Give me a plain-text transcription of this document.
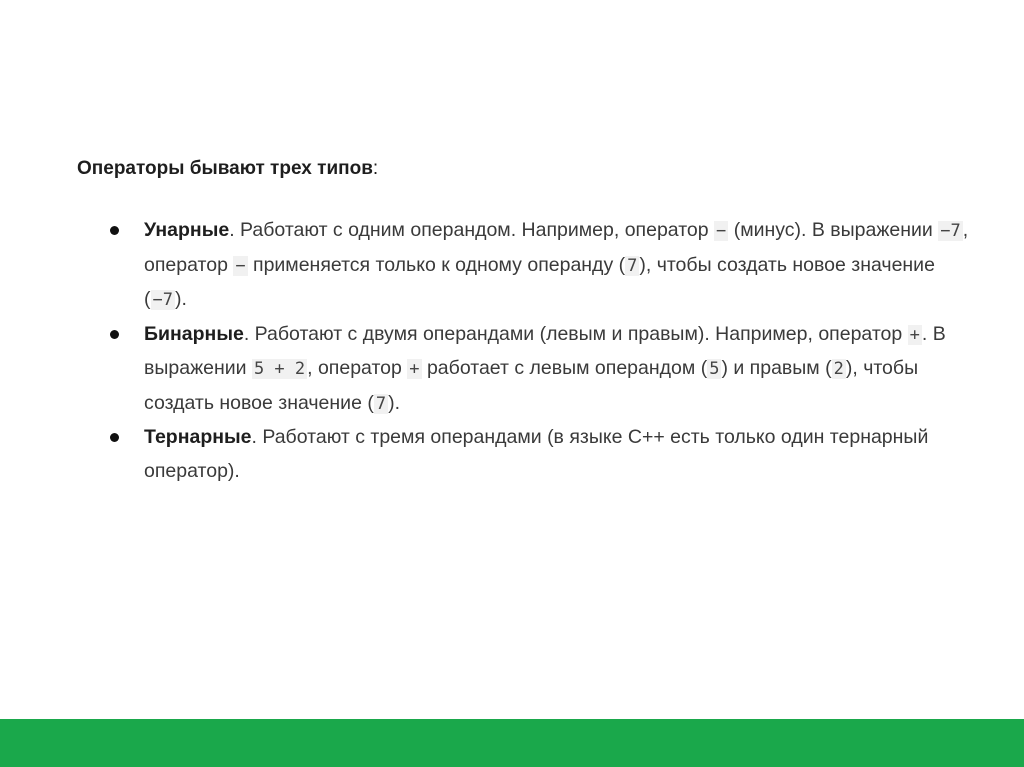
Операторы бывают трех типов:
Унарные. Работают с одним операндом. Например, оператор − (минус). В выражении −7 , оператор − применяется только к одному операнду ( 7 ), чтобы создать новое значение ( −7 ).
Бинарные. Работают с двумя операндами (левым и правым). Например, оператор + . В выражении 5 + 2 , оператор + работает с левым операндом ( 5 ) и правым ( 2 ), чтобы создать новое значение ( 7 ).
Тернарные. Работают с тремя операндами (в языке C++ есть только один тернарный оператор).
